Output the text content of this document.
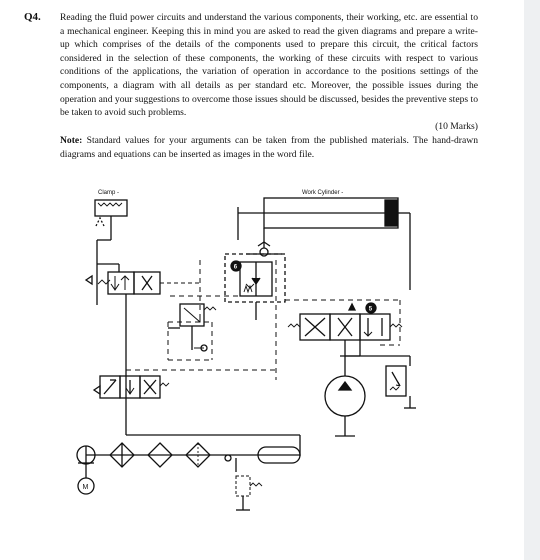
Q4. Reading the fluid power circuits and understand the various components, their working, etc. are essential to a mechanical engineer. Keeping this in mind you are asked to read the given diagrams and prepare a write-up which comprises of the details of the components used to prepare this circuit, the critical factors considered in the selection of these components, the working of these circuits with respect to various conditions of the applications, the variation of operation in accordance to the positions settings of the components, a diagram with all details as per standard etc. Moreover, the possible issues during the operation and your suggestions to overcome those issues should be discussed, besides the preventive steps to be taken to avoid such problems.
(10 Marks)
Note: Standard values for your arguments can be taken from the published materials. The hand-drawn diagrams and equations can be inserted as images in the word file.
Clamp -	Work Cylinder -
6
5
M
